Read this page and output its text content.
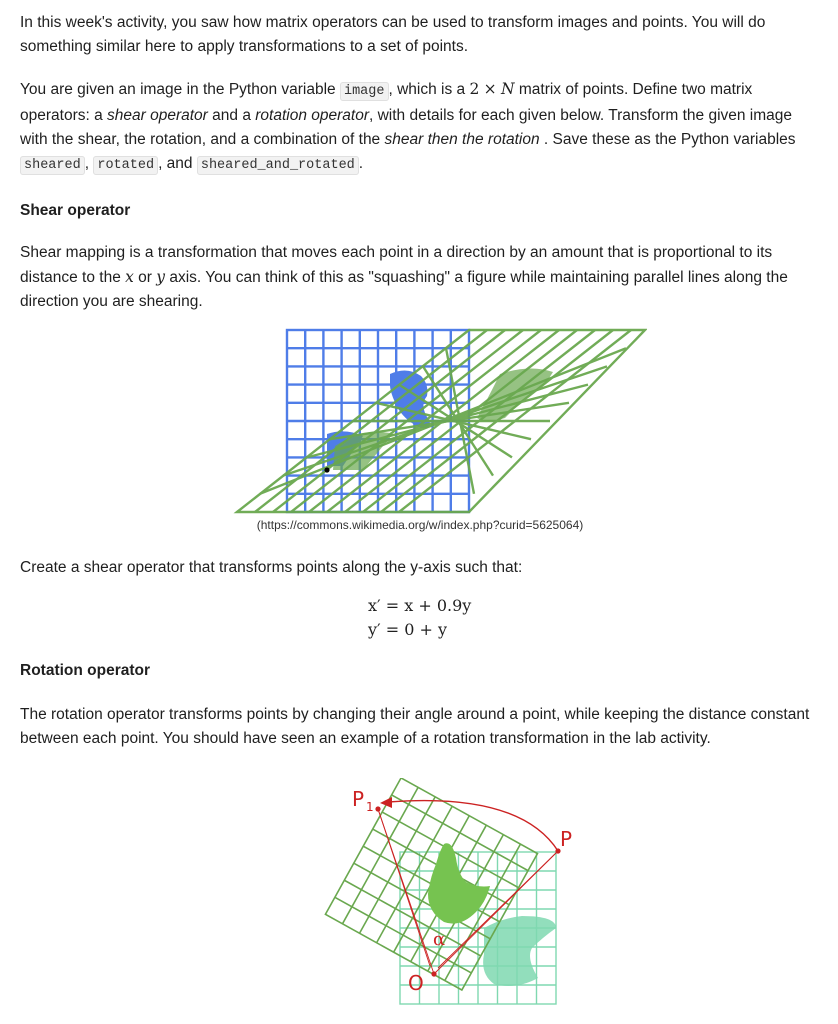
In this week's activity, you saw how matrix operators can be used to transform images and points. You will do something similar here to apply transformations to a set of points.

You are given an image in the Python variable image , which is a 2 × N matrix of points. Define two matrix operators: a shear operator and a rotation operator, with details for each given below. Transform the given image with the shear, the rotation, and a combination of the shear then the rotation . Save these as the Python variables sheared , rotated , and sheared_and_rotated .

Shear operator

Shear mapping is a transformation that moves each point in a direction by an amount that is proportional to its distance to the x or y axis. You can think of this as "squashing" a figure while maintaining parallel lines along the direction you are shearing.

(https://commons.wikimedia.org/w/index.php?curid=5625064)

Create a shear operator that transforms points along the y-axis such that:

x′ = x + 0.9y
y′ = 0 + y
Rotation operator

The rotation operator transforms points by changing their angle around a point, while keeping the distance constant between each point. You should have seen an example of a rotation transformation in the lab activity.

P 1
P
α
O
